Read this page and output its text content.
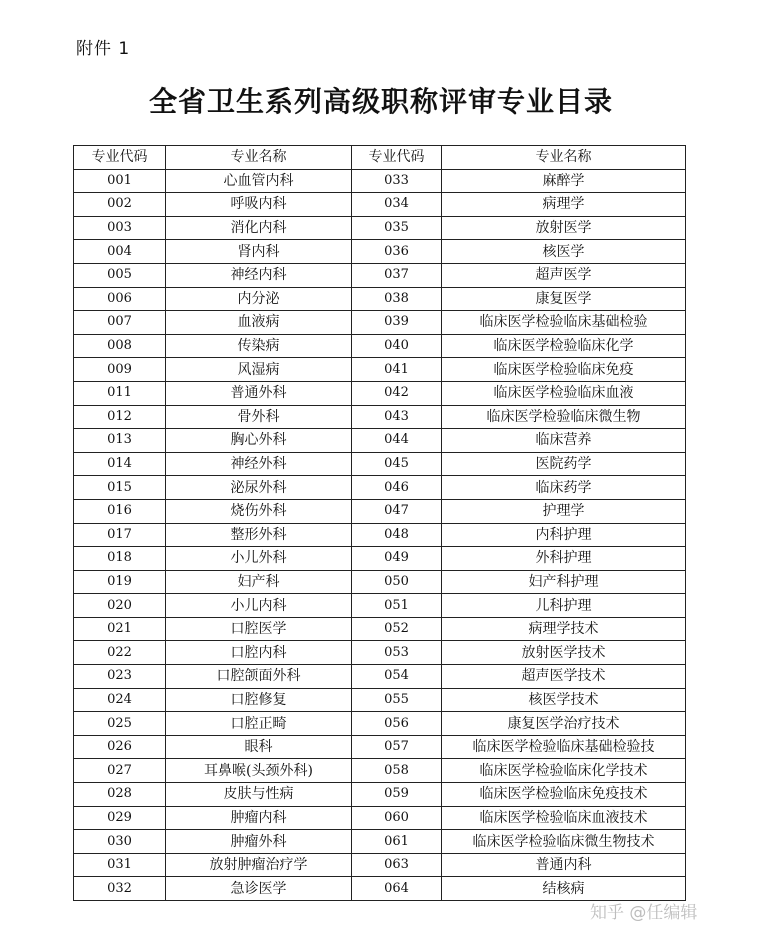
附件 1
全省卫生系列高级职称评审专业目录
专业代码	专业名称	专业代码	专业名称
001	心血管内科	033	麻醉学
002	呼吸内科	034	病理学
003	消化内科	035	放射医学
004	肾内科	036	核医学
005	神经内科	037	超声医学
006	内分泌	038	康复医学
007	血液病	039	临床医学检验临床基础检验
008	传染病	040	临床医学检验临床化学
009	风湿病	041	临床医学检验临床免疫
011	普通外科	042	临床医学检验临床血液
012	骨外科	043	临床医学检验临床微生物
013	胸心外科	044	临床营养
014	神经外科	045	医院药学
015	泌尿外科	046	临床药学
016	烧伤外科	047	护理学
017	整形外科	048	内科护理
018	小儿外科	049	外科护理
019	妇产科	050	妇产科护理
020	小儿内科	051	儿科护理
021	口腔医学	052	病理学技术
022	口腔内科	053	放射医学技术
023	口腔颌面外科	054	超声医学技术
024	口腔修复	055	核医学技术
025	口腔正畸	056	康复医学治疗技术
026	眼科	057	临床医学检验临床基础检验技
027	耳鼻喉(头颈外科)	058	临床医学检验临床化学技术
028	皮肤与性病	059	临床医学检验临床免疫技术
029	肿瘤内科	060	临床医学检验临床血液技术
030	肿瘤外科	061	临床医学检验临床微生物技术
031	放射肿瘤治疗学	063	普通内科
032	急诊医学	064	结核病
知乎 @任编辑
